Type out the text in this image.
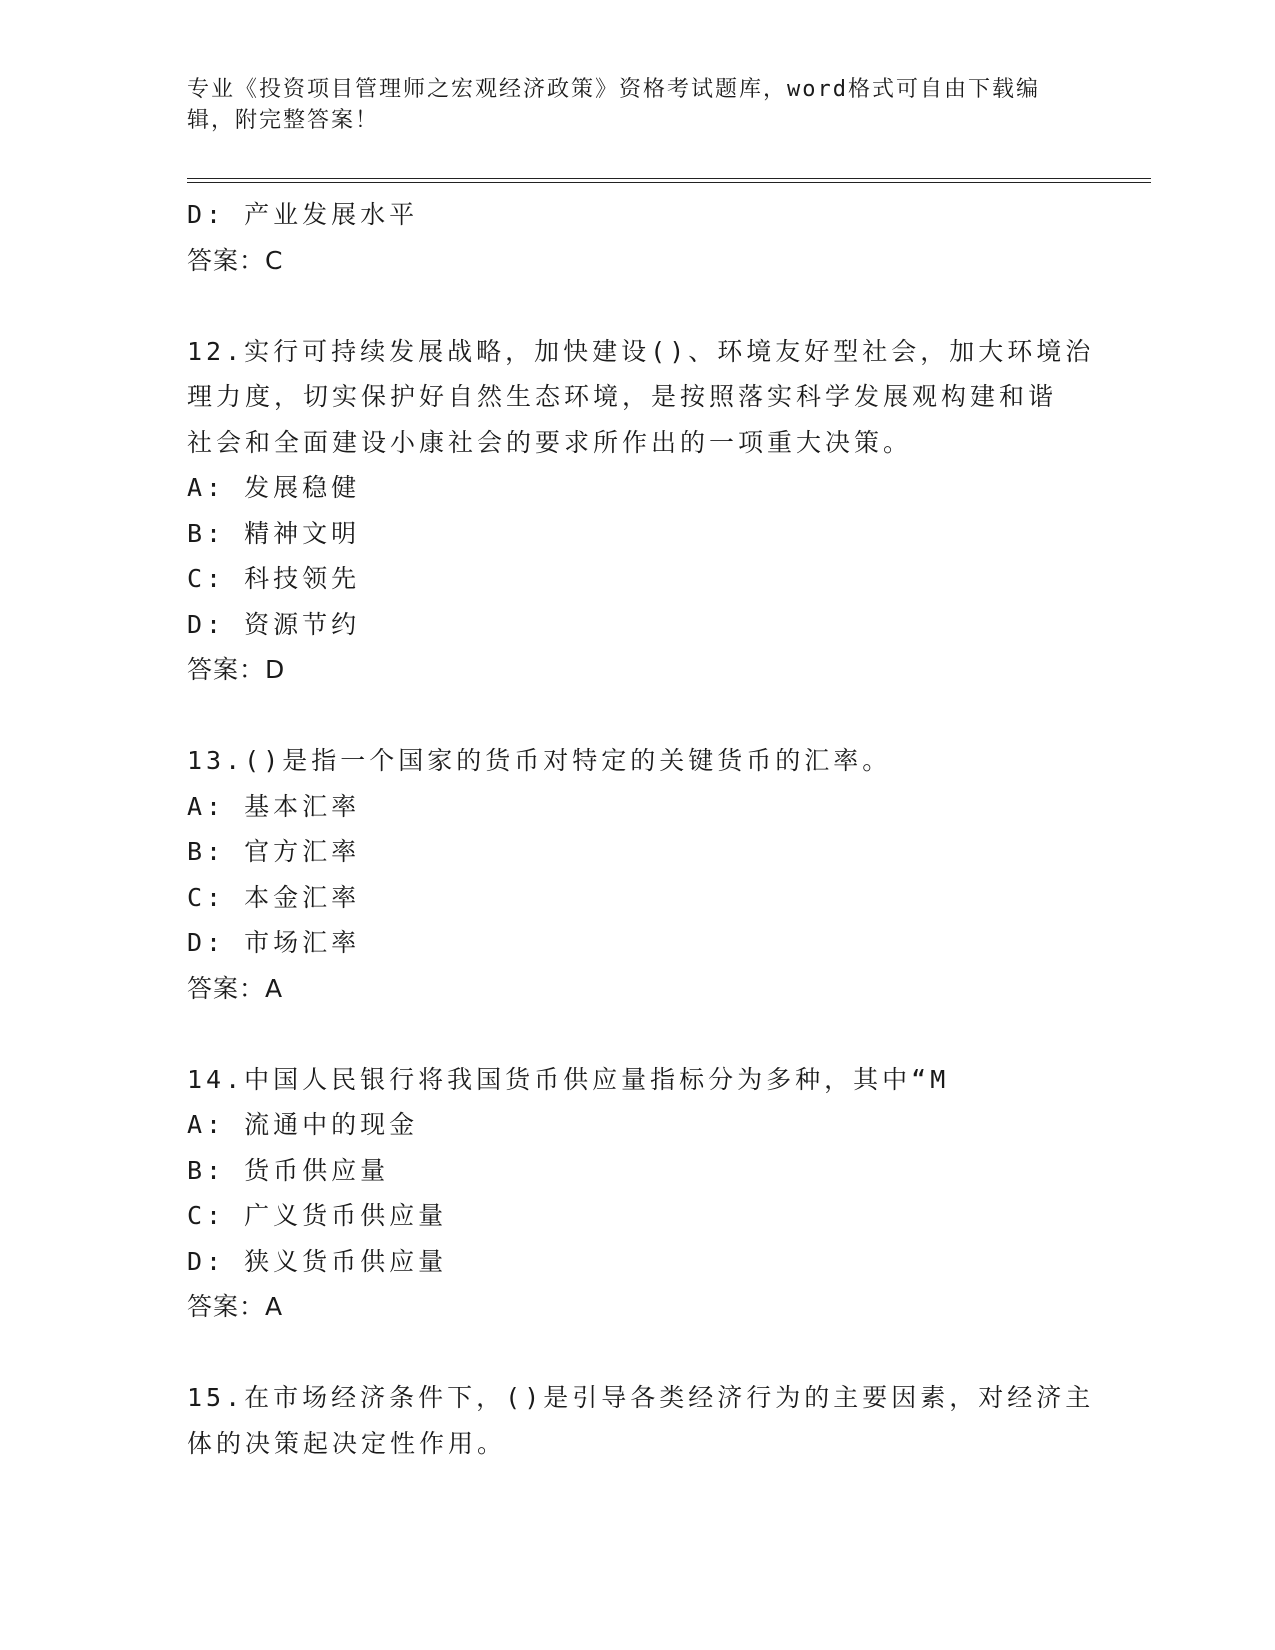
专业《投资项目管理师之宏观经济政策》资格考试题库，word格式可自由下载编
辑，附完整答案！
D: 产业发展水平
答案：C
12.实行可持续发展战略，加快建设()、环境友好型社会，加大环境治
理力度，切实保护好自然生态环境，是按照落实科学发展观构建和谐
社会和全面建设小康社会的要求所作出的一项重大决策。
A: 发展稳健
B: 精神文明
C: 科技领先
D: 资源节约
答案：D
13.()是指一个国家的货币对特定的关键货币的汇率。
A: 基本汇率
B: 官方汇率
C: 本金汇率
D: 市场汇率
答案：A
14.中国人民银行将我国货币供应量指标分为多种，其中“M
A: 流通中的现金
B: 货币供应量
C: 广义货币供应量
D: 狭义货币供应量
答案：A
15.在市场经济条件下，()是引导各类经济行为的主要因素，对经济主
体的决策起决定性作用。
